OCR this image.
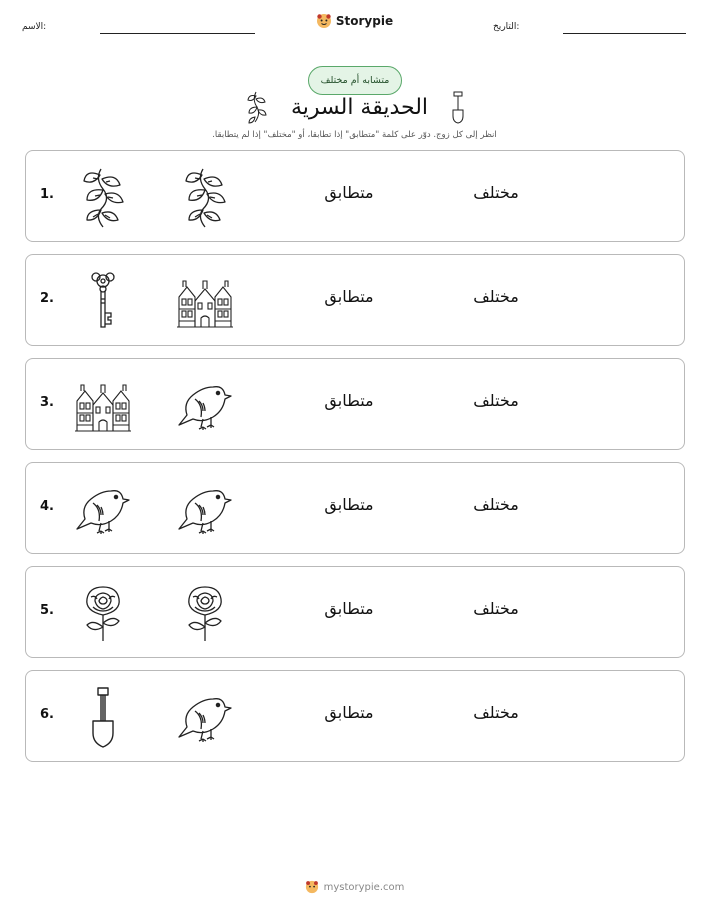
الاسم:	Storypie	التاريخ:
متشابه أم مختلف
الحديقة السرية
انظر إلى كل زوج. دوّر على كلمة "متطابق" إذا تطابقا، أو "مختلف" إذا لم يتطابقا.
1.	متطابق	مختلف
2.	متطابق	مختلف
3.	متطابق	مختلف
4.	متطابق	مختلف
5.	متطابق	مختلف
6.	متطابق	مختلف
mystorypie.com
